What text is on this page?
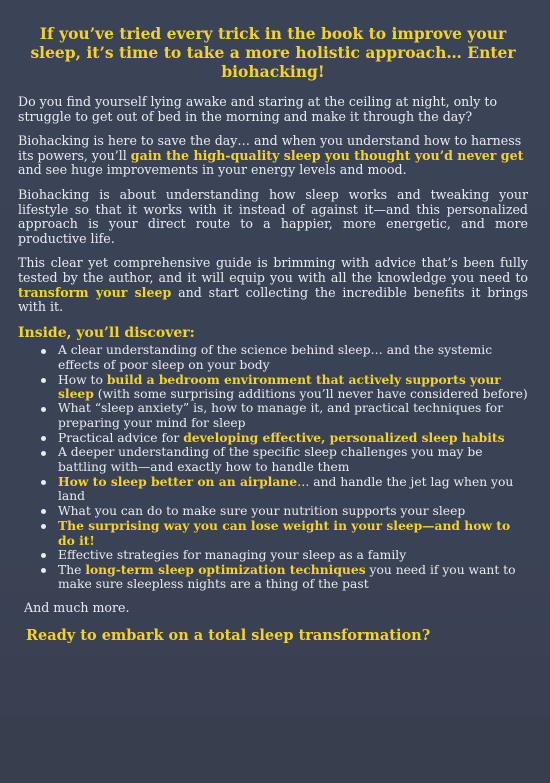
If you’ve tried every trick in the book to improve your sleep, it’s time to take a more holistic approach… Enter biohacking!

Do you find yourself lying awake and staring at the ceiling at night, only to struggle to get out of bed in the morning and make it through the day?

Biohacking is here to save the day… and when you understand how to harness its powers, you’ll gain the high-quality sleep you thought you’d never get and see huge improvements in your energy levels and mood.

Biohacking is about understanding how sleep works and tweaking your lifestyle so that it works with it instead of against it—and this personalized approach is your direct route to a happier, more energetic, and more productive life.

This clear yet comprehensive guide is brimming with advice that’s been fully tested by the author, and it will equip you with all the knowledge you need to transform your sleep and start collecting the incredible benefits it brings with it.

Inside, you’ll discover:
A clear understanding of the science behind sleep… and the systemic effects of poor sleep on your body
How to build a bedroom environment that actively supports your sleep (with some surprising additions you’ll never have considered before)
What “sleep anxiety” is, how to manage it, and practical techniques for preparing your mind for sleep
Practical advice for developing effective, personalized sleep habits
A deeper understanding of the specific sleep challenges you may be battling with—and exactly how to handle them
How to sleep better on an airplane… and handle the jet lag when you land
What you can do to make sure your nutrition supports your sleep
The surprising way you can lose weight in your sleep—and how to do it!
Effective strategies for managing your sleep as a family
The long-term sleep optimization techniques you need if you want to make sure sleepless nights are a thing of the past
And much more.
Ready to embark on a total sleep transformation?
